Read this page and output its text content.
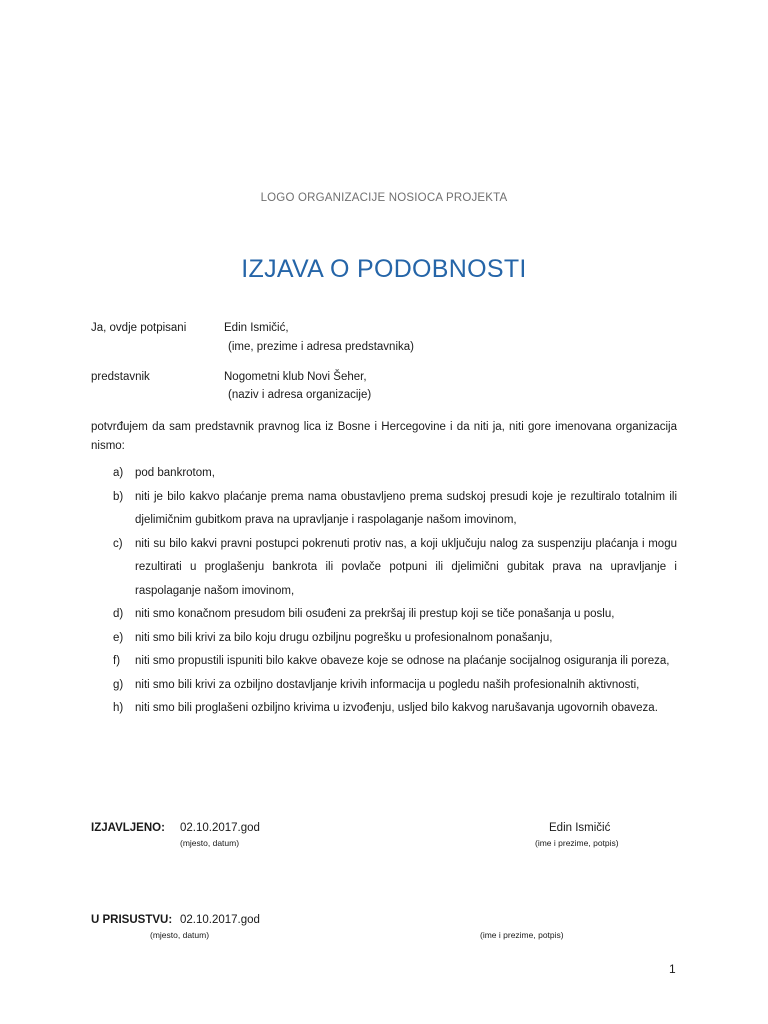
LOGO ORGANIZACIJE NOSIOCA PROJEKTA
IZJAVA O PODOBNOSTI
Ja, ovdje potpisani	Edin Ismičić,
(ime, prezime i adresa predstavnika)
predstavnik	Nogometni klub Novi Šeher,
(naziv i adresa organizacije)
potvrđujem da sam predstavnik pravnog lica iz Bosne i Hercegovine i da niti ja, niti gore imenovana organizacija nismo:
a) pod bankrotom,
b) niti je bilo kakvo plaćanje prema nama obustavljeno prema sudskoj presudi koje je rezultiralo totalnim ili djelimičnim gubitkom prava na upravljanje i raspolaganje našom imovinom,
c) niti su bilo kakvi pravni postupci pokrenuti protiv nas, a koji uključuju nalog za suspenziju plaćanja i mogu rezultirati u proglašenju bankrota ili povlače potpuni ili djelimični gubitak prava na upravljanje i raspolaganje našom imovinom,
d) niti smo konačnom presudom bili osuđeni za prekršaj ili prestup koji se tiče ponašanja u poslu,
e) niti smo bili krivi za bilo koju drugu ozbiljnu pogrešku u profesionalnom ponašanju,
f) niti smo propustili ispuniti bilo kakve obaveze koje se odnose na plaćanje socijalnog osiguranja ili poreza,
g) niti smo bili krivi za ozbiljno dostavljanje krivih informacija u pogledu naših profesionalnih aktivnosti,
h) niti smo bili proglašeni ozbiljno krivima u izvođenju, usljed bilo kakvog narušavanja ugovornih obaveza.
IZJAVLJENO: 02.10.2017.god
(mjesto, datum)
Edin Ismičić
(ime i prezime, potpis)
U PRISUSTVU: 02.10.2017.god
(mjesto, datum)	(ime i prezime, potpis)
1
